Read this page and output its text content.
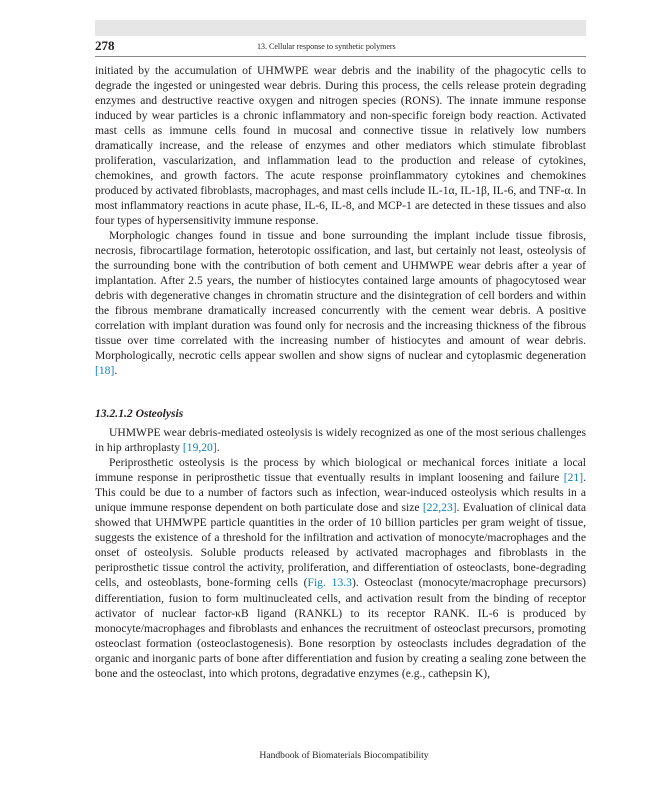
278	13. Cellular response to synthetic polymers

initiated by the accumulation of UHMWPE wear debris and the inability of the phagocytic cells to degrade the ingested or uningested wear debris. During this process, the cells release protein degrading enzymes and destructive reactive oxygen and nitrogen species (RONS). The innate immune response induced by wear particles is a chronic inflammatory and non-specific foreign body reaction. Activated mast cells as immune cells found in mucosal and connective tissue in relatively low numbers dramatically increase, and the release of enzymes and other mediators which stimulate fibroblast proliferation, vascularization, and inflammation lead to the production and release of cytokines, chemokines, and growth factors. The acute response proinflammatory cytokines and chemokines produced by activated fibroblasts, macrophages, and mast cells include IL-1α, IL-1β, IL-6, and TNF-α. In most inflammatory reactions in acute phase, IL-6, IL-8, and MCP-1 are detected in these tissues and also four types of hypersensitivity immune response.

Morphologic changes found in tissue and bone surrounding the implant include tissue fibrosis, necrosis, fibrocartilage formation, heterotopic ossification, and last, but certainly not least, osteolysis of the surrounding bone with the contribution of both cement and UHMWPE wear debris after a year of implantation. After 2.5 years, the number of histiocytes contained large amounts of phagocytosed wear debris with degenerative changes in chromatin structure and the disintegration of cell borders and within the fibrous membrane dramatically increased concurrently with the cement wear debris. A positive correlation with implant duration was found only for necrosis and the increasing thickness of the fibrous tissue over time correlated with the increasing number of histiocytes and amount of wear debris. Morphologically, necrotic cells appear swollen and show signs of nuclear and cytoplasmic degeneration [18].

13.2.1.2 Osteolysis

UHMWPE wear debris-mediated osteolysis is widely recognized as one of the most serious challenges in hip arthroplasty [19,20].

Periprosthetic osteolysis is the process by which biological or mechanical forces initiate a local immune response in periprosthetic tissue that eventually results in implant loosening and failure [21]. This could be due to a number of factors such as infection, wear-induced osteolysis which results in a unique immune response dependent on both particulate dose and size [22,23]. Evaluation of clinical data showed that UHMWPE particle quantities in the order of 10 billion particles per gram weight of tissue, suggests the existence of a threshold for the infiltration and activation of monocyte/macrophages and the onset of osteolysis. Soluble products released by activated macrophages and fibroblasts in the periprosthetic tissue control the activity, proliferation, and differentiation of osteoclasts, bone-degrading cells, and osteoblasts, bone-forming cells (Fig. 13.3). Osteoclast (monocyte/macrophage precursors) differentiation, fusion to form multinucleated cells, and activation result from the binding of receptor activator of nuclear factor-κB ligand (RANKL) to its receptor RANK. IL-6 is produced by monocyte/macrophages and fibroblasts and enhances the recruitment of osteoclast precursors, promoting osteoclast formation (osteoclastogenesis). Bone resorption by osteoclasts includes degradation of the organic and inorganic parts of bone after differentiation and fusion by creating a sealing zone between the bone and the osteoclast, into which protons, degradative enzymes (e.g., cathepsin K),

Handbook of Biomaterials Biocompatibility
